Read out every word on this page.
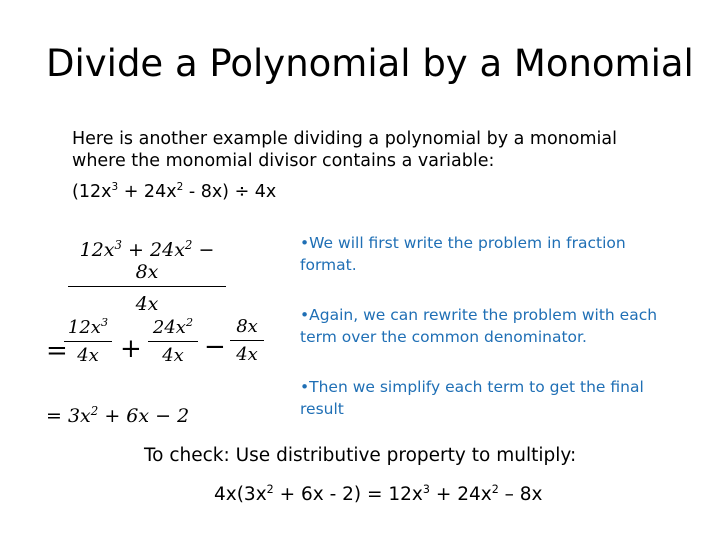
Divide a Polynomial by a Monomial
Here is another example dividing a polynomial by a monomial
where the monomial divisor contains a variable:
$(12x^3 + 24x^2 - 8x) \div 4x$
$12x^3 + 24x^2 - 8x$
4x
=
$12x^3$
4x +
$24x^2$
4x −
8x
4x
= $3x^2 + 6x - 2$
•We will first write the problem in fraction format.
•Again, we can rewrite the problem with each term over the common denominator.
•Then we simplify each term to get the final result
To check: Use distributive property to multiply:
$4x(3x^2 + 6x - 2) = 12x^3 + 24x^2 - 8x$
